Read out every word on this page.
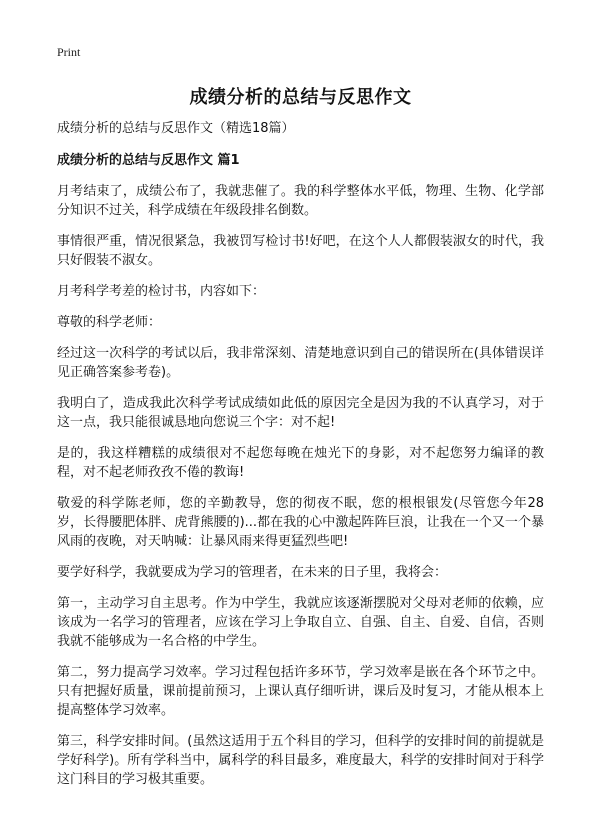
Print

成绩分析的总结与反思作文

成绩分析的总结与反思作文（精选18篇）

成绩分析的总结与反思作文 篇1

月考结束了，成绩公布了，我就悲催了。我的科学整体水平低，物理、生物、化学部分知识不过关，科学成绩在年级段排名倒数。

事情很严重，情况很紧急，我被罚写检讨书!好吧，在这个人人都假装淑女的时代，我只好假装不淑女。

月考科学考差的检讨书，内容如下：

尊敬的科学老师：

经过这一次科学的考试以后，我非常深刻、清楚地意识到自己的错误所在(具体错误详见正确答案参考卷)。

我明白了，造成我此次科学考试成绩如此低的原因完全是因为我的不认真学习，对于这一点，我只能很诚恳地向您说三个字：对不起!

是的，我这样糟糕的成绩很对不起您每晚在烛光下的身影，对不起您努力编译的教程，对不起老师孜孜不倦的教诲!

敬爱的科学陈老师，您的辛勤教导，您的彻夜不眠，您的根根银发(尽管您今年28岁，长得腰肥体胖、虎背熊腰的)...都在我的心中激起阵阵巨浪，让我在一个又一个暴风雨的夜晚，对天呐喊：让暴风雨来得更猛烈些吧!

要学好科学，我就要成为学习的管理者，在未来的日子里，我将会：

第一，主动学习自主思考。作为中学生，我就应该逐渐摆脱对父母对老师的依赖，应该成为一名学习的管理者，应该在学习上争取自立、自强、自主、自爱、自信，否则我就不能够成为一名合格的中学生。

第二，努力提高学习效率。学习过程包括许多环节，学习效率是嵌在各个环节之中。只有把握好质量，课前提前预习，上课认真仔细听讲，课后及时复习，才能从根本上提高整体学习效率。

第三，科学安排时间。(虽然这适用于五个科目的学习，但科学的安排时间的前提就是学好科学)。所有学科当中，属科学的科目最多，难度最大，科学的安排时间对于科学这门科目的学习极其重要。
